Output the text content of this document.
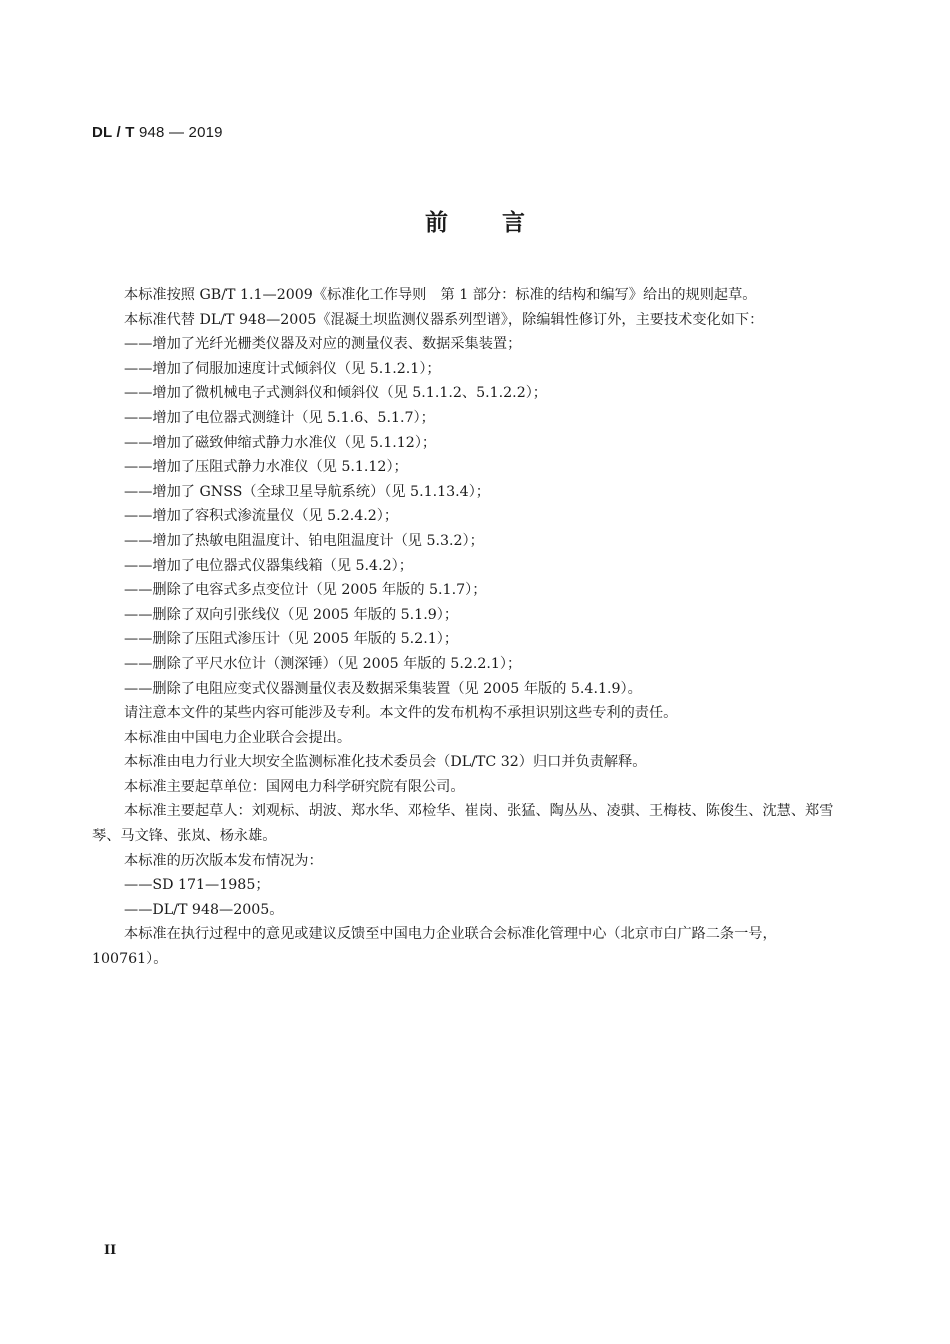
DL / T 948 — 2019
前言

本标准按照 GB/T 1.1—2009《标准化工作导则　第 1 部分：标准的结构和编写》给出的规则起草。

本标准代替 DL/T 948—2005《混凝土坝监测仪器系列型谱》，除编辑性修订外，主要技术变化如下：

——增加了光纤光栅类仪器及对应的测量仪表、数据采集装置；

——增加了伺服加速度计式倾斜仪（见 5.1.2.1）；

——增加了微机械电子式测斜仪和倾斜仪（见 5.1.1.2、5.1.2.2）；

——增加了电位器式测缝计（见 5.1.6、5.1.7）；

——增加了磁致伸缩式静力水准仪（见 5.1.12）；

——增加了压阻式静力水准仪（见 5.1.12）；

——增加了 GNSS（全球卫星导航系统）（见 5.1.13.4）；

——增加了容积式渗流量仪（见 5.2.4.2）；

——增加了热敏电阻温度计、铂电阻温度计（见 5.3.2）；

——增加了电位器式仪器集线箱（见 5.4.2）；

——删除了电容式多点变位计（见 2005 年版的 5.1.7）；

——删除了双向引张线仪（见 2005 年版的 5.1.9）；

——删除了压阻式渗压计（见 2005 年版的 5.2.1）；

——删除了平尺水位计（测深锤）（见 2005 年版的 5.2.2.1）；

——删除了电阻应变式仪器测量仪表及数据采集装置（见 2005 年版的 5.4.1.9）。

请注意本文件的某些内容可能涉及专利。本文件的发布机构不承担识别这些专利的责任。

本标准由中国电力企业联合会提出。

本标准由电力行业大坝安全监测标准化技术委员会（DL/TC 32）归口并负责解释。

本标准主要起草单位：国网电力科学研究院有限公司。

本标准主要起草人：刘观标、胡波、郑水华、邓检华、崔岗、张猛、陶丛丛、凌骐、王梅枝、陈俊生、沈慧、郑雪琴、马文锋、张岚、杨永雄。

本标准的历次版本发布情况为：

——SD 171—1985；

——DL/T 948—2005。

本标准在执行过程中的意见或建议反馈至中国电力企业联合会标准化管理中心（北京市白广路二条一号，100761）。

II
